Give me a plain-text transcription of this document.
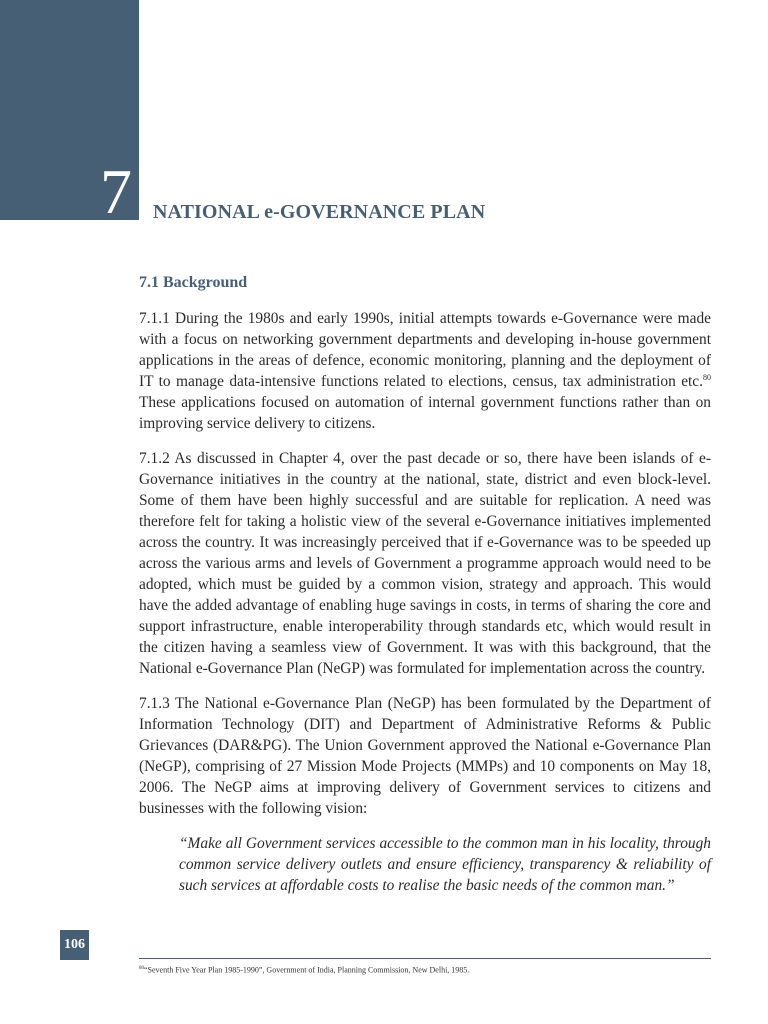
7 NATIONAL e-GOVERNANCE PLAN
7.1 Background

7.1.1 During the 1980s and early 1990s, initial attempts towards e-Governance were made with a focus on networking government departments and developing in-house government applications in the areas of defence, economic monitoring, planning and the deployment of IT to manage data-intensive functions related to elections, census, tax administration etc.$^{80}$ These applications focused on automation of internal government functions rather than on improving service delivery to citizens.

7.1.2 As discussed in Chapter 4, over the past decade or so, there have been islands of e-Governance initiatives in the country at the national, state, district and even block-level. Some of them have been highly successful and are suitable for replication. A need was therefore felt for taking a holistic view of the several e-Governance initiatives implemented across the country. It was increasingly perceived that if e-Governance was to be speeded up across the various arms and levels of Government a programme approach would need to be adopted, which must be guided by a common vision, strategy and approach. This would have the added advantage of enabling huge savings in costs, in terms of sharing the core and support infrastructure, enable interoperability through standards etc, which would result in the citizen having a seamless view of Government. It was with this background, that the National e-Governance Plan (NeGP) was formulated for implementation across the country.

7.1.3 The National e-Governance Plan (NeGP) has been formulated by the Department of Information Technology (DIT) and Department of Administrative Reforms & Public Grievances (DAR&PG). The Union Government approved the National e-Governance Plan (NeGP), comprising of 27 Mission Mode Projects (MMPs) and 10 components on May 18, 2006. The NeGP aims at improving delivery of Government services to citizens and businesses with the following vision:

“Make all Government services accessible to the common man in his locality, through common service delivery outlets and ensure efficiency, transparency & reliability of such services at affordable costs to realise the basic needs of the common man.”

106
$^{80}$“Seventh Five Year Plan 1985-1990”, Government of India, Planning Commission, New Delhi, 1985.
